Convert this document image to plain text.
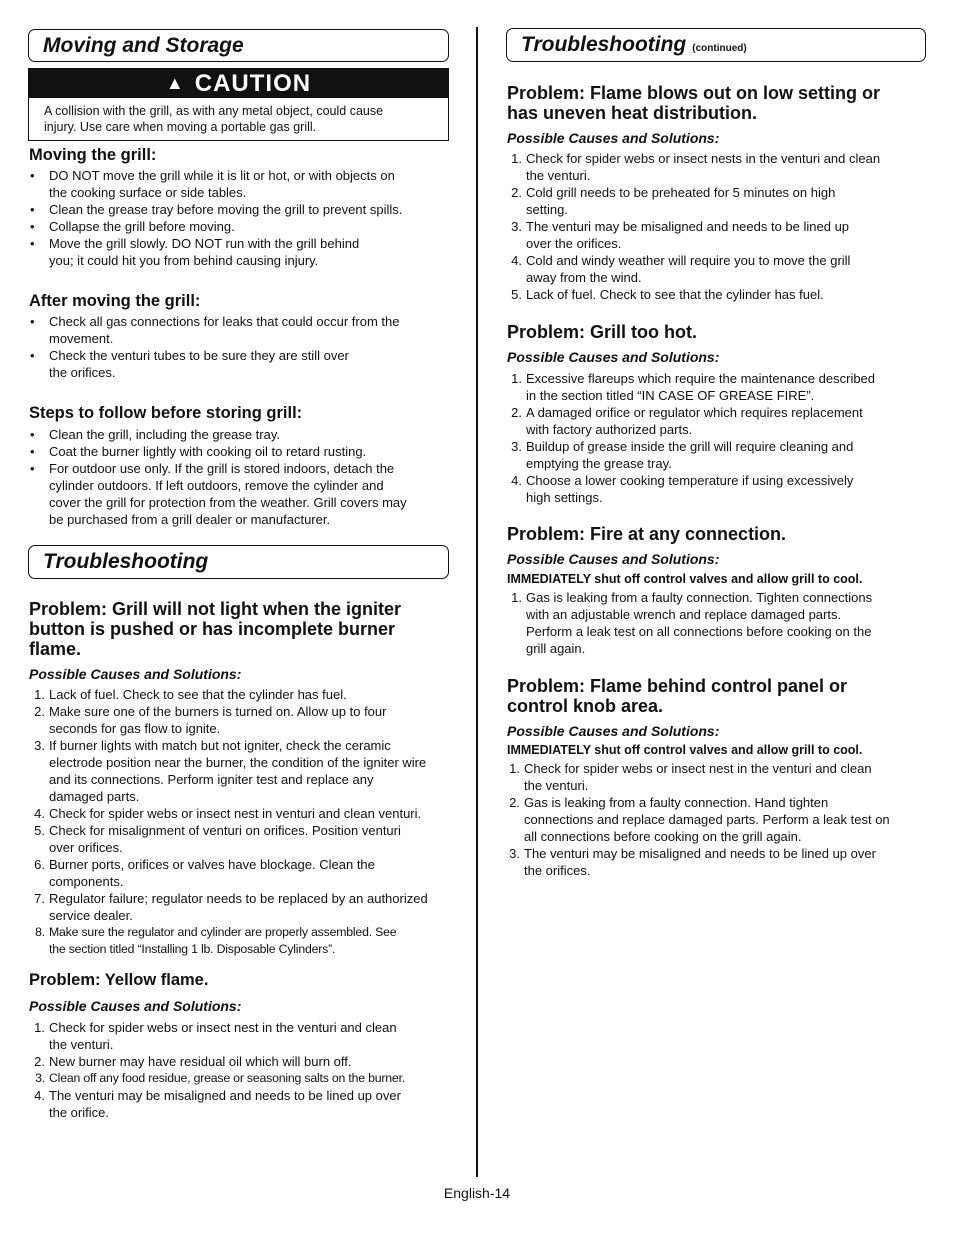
Moving and Storage
▲ CAUTION
A collision with the grill, as with any metal object, could cause
injury. Use care when moving a portable gas grill.
Moving the grill:
• DO NOT move the grill while it is lit or hot, or with objects on
the cooking surface or side tables.
• Clean the grease tray before moving the grill to prevent spills.
• Collapse the grill before moving.
• Move the grill slowly. DO NOT run with the grill behind
you; it could hit you from behind causing injury.
After moving the grill:
• Check all gas connections for leaks that could occur from the
movement.
• Check the venturi tubes to be sure they are still over
the orifices.
Steps to follow before storing grill:
• Clean the grill, including the grease tray.
• Coat the burner lightly with cooking oil to retard rusting.
• For outdoor use only. If the grill is stored indoors, detach the
cylinder outdoors. If left outdoors, remove the cylinder and
cover the grill for protection from the weather. Grill covers may
be purchased from a grill dealer or manufacturer.
Troubleshooting
Problem: Grill will not light when the igniter
button is pushed or has incomplete burner
flame.
Possible Causes and Solutions:
1. Lack of fuel. Check to see that the cylinder has fuel.
2. Make sure one of the burners is turned on. Allow up to four
seconds for gas flow to ignite.
3. If burner lights with match but not igniter, check the ceramic
electrode position near the burner, the condition of the igniter wire
and its connections. Perform igniter test and replace any
damaged parts.
4. Check for spider webs or insect nest in venturi and clean venturi.
5. Check for misalignment of venturi on orifices. Position venturi
over orifices.
6. Burner ports, orifices or valves have blockage. Clean the
components.
7. Regulator failure; regulator needs to be replaced by an authorized
service dealer.
8. Make sure the regulator and cylinder are properly assembled. See
the section titled “Installing 1 lb. Disposable Cylinders”.
Problem: Yellow flame.
Possible Causes and Solutions:
1. Check for spider webs or insect nest in the venturi and clean
the venturi.
2. New burner may have residual oil which will burn off.
3. Clean off any food residue, grease or seasoning salts on the burner.
4. The venturi may be misaligned and needs to be lined up over
the orifice.
Troubleshooting (continued)
Problem: Flame blows out on low setting or
has uneven heat distribution.
Possible Causes and Solutions:
1. Check for spider webs or insect nests in the venturi and clean
the venturi.
2. Cold grill needs to be preheated for 5 minutes on high
setting.
3. The venturi may be misaligned and needs to be lined up
over the orifices.
4. Cold and windy weather will require you to move the grill
away from the wind.
5. Lack of fuel. Check to see that the cylinder has fuel.
Problem: Grill too hot.
Possible Causes and Solutions:
1. Excessive flareups which require the maintenance described
in the section titled “IN CASE OF GREASE FIRE”.
2. A damaged orifice or regulator which requires replacement
with factory authorized parts.
3. Buildup of grease inside the grill will require cleaning and
emptying the grease tray.
4. Choose a lower cooking temperature if using excessively
high settings.
Problem: Fire at any connection.
Possible Causes and Solutions:
IMMEDIATELY shut off control valves and allow grill to cool.
1. Gas is leaking from a faulty connection. Tighten connections
with an adjustable wrench and replace damaged parts.
Perform a leak test on all connections before cooking on the
grill again.
Problem: Flame behind control panel or
control knob area.
Possible Causes and Solutions:
IMMEDIATELY shut off control valves and allow grill to cool.
1. Check for spider webs or insect nest in the venturi and clean
the venturi.
2. Gas is leaking from a faulty connection. Hand tighten
connections and replace damaged parts. Perform a leak test on
all connections before cooking on the grill again.
3. The venturi may be misaligned and needs to be lined up over
the orifices.
English-14
